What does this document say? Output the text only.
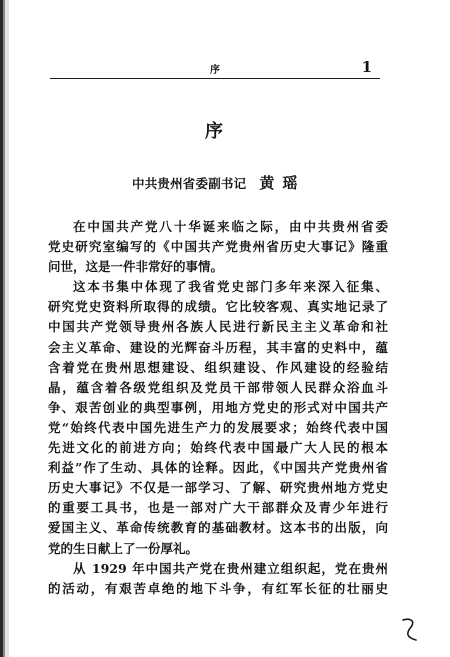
序	1
序
中共贵州省委副书记 黄瑶
在中国共产党八十华诞来临之际，由中共贵州省委
党史研究室编写的《中国共产党贵州省历史大事记》隆重
问世，这是一件非常好的事情。
这本书集中体现了我省党史部门多年来深入征集、
研究党史资料所取得的成绩。它比较客观、真实地记录了
中国共产党领导贵州各族人民进行新民主主义革命和社
会主义革命、建设的光辉奋斗历程，其丰富的史料中，蕴
含着党在贵州思想建设、组织建设、作风建设的经验结
晶，蕴含着各级党组织及党员干部带领人民群众浴血斗
争、艰苦创业的典型事例，用地方党史的形式对中国共产
党“始终代表中国先进生产力的发展要求；始终代表中国
先进文化的前进方向；始终代表中国最广大人民的根本
利益”作了生动、具体的诠释。因此，《中国共产党贵州省
历史大事记》不仅是一部学习、了解、研究贵州地方党史
的重要工具书，也是一部对广大干部群众及青少年进行
爱国主义、革命传统教育的基础教材。这本书的出版，向
党的生日献上了一份厚礼。
从 1929 年中国共产党在贵州建立组织起，党在贵州
的活动，有艰苦卓绝的地下斗争，有红军长征的壮丽史
